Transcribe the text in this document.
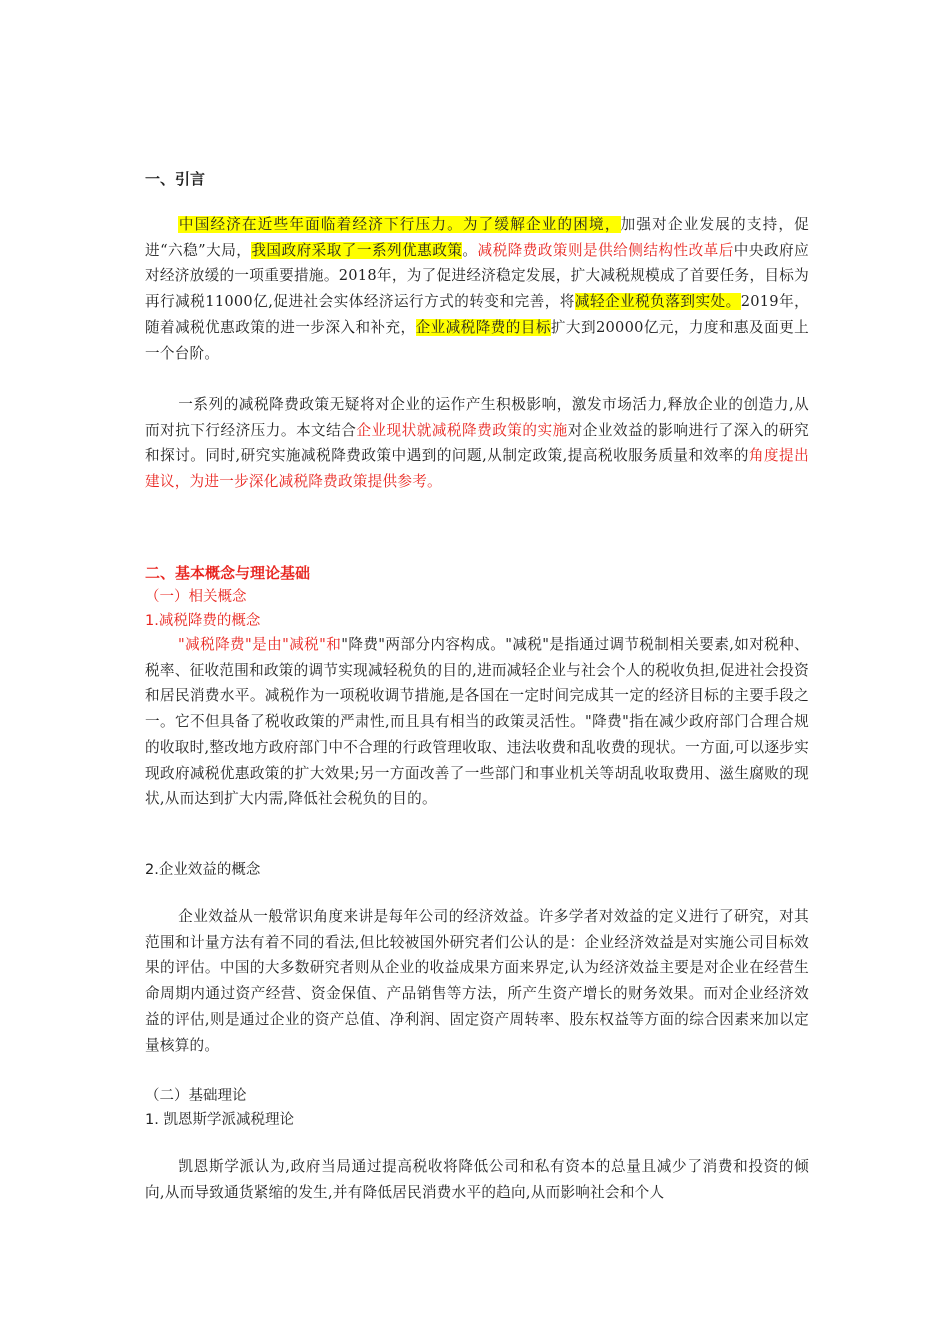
一、引言
中国经济在近些年面临着经济下行压力。为了缓解企业的困境，加强对企业发展的支持，促进“六稳”大局，我国政府采取了一系列优惠政策。减税降费政策则是供给侧结构性改革后中央政府应对经济放缓的一项重要措施。2018年，为了促进经济稳定发展，扩大减税规模成了首要任务，目标为再行减税11000亿,促进社会实体经济运行方式的转变和完善，将减轻企业税负落到实处。2019年，随着减税优惠政策的进一步深入和补充，企业减税降费的目标扩大到20000亿元，力度和惠及面更上一个台阶。
一系列的减税降费政策无疑将对企业的运作产生积极影响，激发市场活力,释放企业的创造力,从而对抗下行经济压力。本文结合企业现状就减税降费政策的实施对企业效益的影响进行了深入的研究和探讨。同时,研究实施减税降费政策中遇到的问题,从制定政策,提高税收服务质量和效率的角度提出建议，为进一步深化减税降费政策提供参考。
二、基本概念与理论基础
（一）相关概念
1.减税降费的概念
"减税降费"是由"减税"和"降费"两部分内容构成。"减税"是指通过调节税制相关要素,如对税种、税率、征收范围和政策的调节实现减轻税负的目的,进而减轻企业与社会个人的税收负担,促进社会投资和居民消费水平。减税作为一项税收调节措施,是各国在一定时间完成其一定的经济目标的主要手段之一。它不但具备了税收政策的严肃性,而且具有相当的政策灵活性。"降费"指在减少政府部门合理合规的收取时,整改地方政府部门中不合理的行政管理收取、违法收费和乱收费的现状。一方面,可以逐步实现政府减税优惠政策的扩大效果;另一方面改善了一些部门和事业机关等胡乱收取费用、滋生腐败的现状,从而达到扩大内需,降低社会税负的目的。
2.企业效益的概念
企业效益从一般常识角度来讲是每年公司的经济效益。许多学者对效益的定义进行了研究，对其范围和计量方法有着不同的看法,但比较被国外研究者们公认的是：企业经济效益是对实施公司目标效果的评估。中国的大多数研究者则从企业的收益成果方面来界定,认为经济效益主要是对企业在经营生命周期内通过资产经营、资金保值、产品销售等方法，所产生资产增长的财务效果。而对企业经济效益的评估,则是通过企业的资产总值、净利润、固定资产周转率、股东权益等方面的综合因素来加以定量核算的。
（二）基础理论
1. 凯恩斯学派减税理论
凯恩斯学派认为,政府当局通过提高税收将降低公司和私有资本的总量且减少了消费和投资的倾向,从而导致通货紧缩的发生,并有降低居民消费水平的趋向,从而影响社会和个人
